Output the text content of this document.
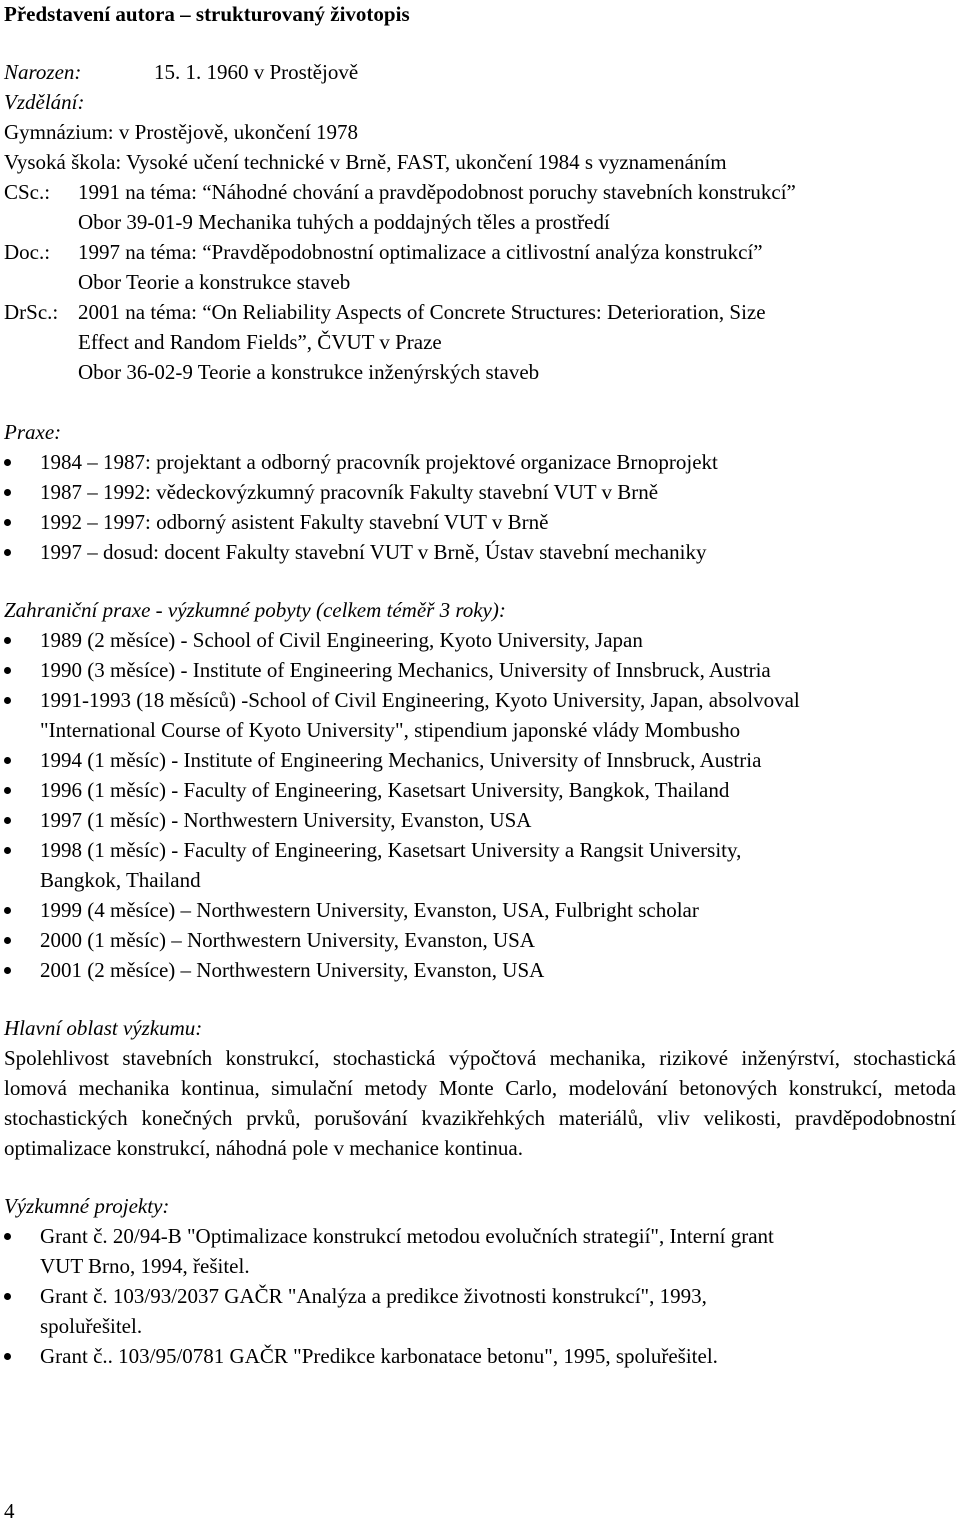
Představení autora – strukturovaný životopis
Narozen:	15. 1. 1960 v Prostějově
Vzdělání:
Gymnázium: v Prostějově, ukončení 1978
Vysoká škola: Vysoké učení technické v Brně, FAST, ukončení 1984 s vyznamenáním
CSc.: 1991 na téma: “Náhodné chování a pravděpodobnost poruchy stavebních konstrukcí”
Obor 39-01-9 Mechanika tuhých a poddajných těles a prostředí
Doc.: 1997 na téma: “Pravděpodobnostní optimalizace a citlivostní analýza konstrukcí”
Obor Teorie a konstrukce staveb
DrSc.: 2001 na téma: “On Reliability Aspects of Concrete Structures: Deterioration, Size
Effect and Random Fields”, ČVUT v Praze
Obor 36-02-9 Teorie a konstrukce inženýrských staveb
Praxe:
1984 – 1987: projektant a odborný pracovník projektové organizace Brnoprojekt
1987 – 1992: vědeckovýzkumný pracovník Fakulty stavební VUT v Brně
1992 – 1997: odborný asistent Fakulty stavební VUT v Brně
1997 – dosud: docent Fakulty stavební VUT v Brně, Ústav stavební mechaniky
Zahraniční praxe - výzkumné pobyty (celkem téměř 3 roky):
1989 (2 měsíce) - School of Civil Engineering, Kyoto University, Japan
1990 (3 měsíce) - Institute of Engineering Mechanics, University of Innsbruck, Austria
1991-1993 (18 měsíců) -School of Civil Engineering, Kyoto University, Japan, absolvoval
"International Course of Kyoto University", stipendium japonské vlády Mombusho
1994 (1 měsíc) - Institute of Engineering Mechanics, University of Innsbruck, Austria
1996 (1 měsíc) - Faculty of Engineering, Kasetsart University, Bangkok, Thailand
1997 (1 měsíc) - Northwestern University, Evanston, USA
1998 (1 měsíc) - Faculty of Engineering, Kasetsart University a Rangsit University,
Bangkok, Thailand
1999 (4 měsíce) – Northwestern University, Evanston, USA, Fulbright scholar
2000 (1 měsíc) – Northwestern University, Evanston, USA
2001 (2 měsíce) – Northwestern University, Evanston, USA
Hlavní oblast výzkumu:
Spolehlivost stavebních konstrukcí, stochastická výpočtová mechanika, rizikové inženýrství, stochastická lomová mechanika kontinua, simulační metody Monte Carlo, modelování betonových konstrukcí, metoda stochastických konečných prvků, porušování kvazikřehkých materiálů, vliv velikosti, pravděpodobnostní optimalizace konstrukcí, náhodná pole v mechanice kontinua.
Výzkumné projekty:
Grant č. 20/94-B "Optimalizace konstrukcí metodou evolučních strategií", Interní grant
VUT Brno, 1994, řešitel.
Grant č. 103/93/2037 GAČR "Analýza a predikce životnosti konstrukcí", 1993,
spoluřešitel.
Grant č.. 103/95/0781 GAČR "Predikce karbonatace betonu", 1995, spoluřešitel.
4
